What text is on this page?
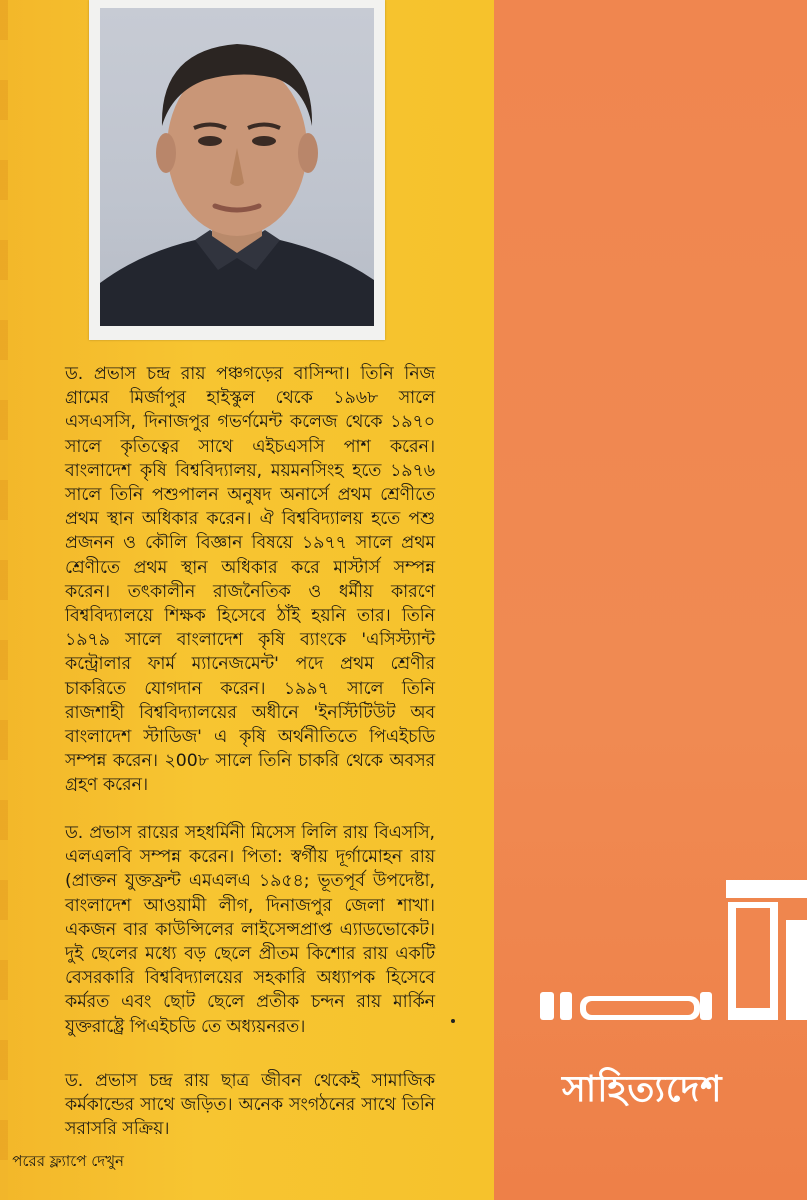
ড. প্রভাস চন্দ্র রায় পঞ্চগড়ের বাসিন্দা। তিনি নিজ গ্রামের মির্জাপুর হাইস্কুল থেকে ১৯৬৮ সালে এসএসসি, দিনাজপুর গভর্ণমেন্ট কলেজ থেকে ১৯৭০ সালে কৃতিত্বের সাথে এইচএসসি পাশ করেন। বাংলাদেশ কৃষি বিশ্ববিদ্যালয়, ময়মনসিংহ হতে ১৯৭৬ সালে তিনি পশুপালন অনুষদ অনার্সে প্রথম শ্রেণীতে প্রথম স্থান অধিকার করেন। ঐ বিশ্ববিদ্যালয় হতে পশু প্রজনন ও কৌলি বিজ্ঞান বিষয়ে ১৯৭৭ সালে প্রথম শ্রেণীতে প্রথম স্থান অধিকার করে মাস্টার্স সম্পন্ন করেন। তৎকালীন রাজনৈতিক ও ধর্মীয় কারণে বিশ্ববিদ্যালয়ে শিক্ষক হিসেবে ঠাঁই হয়নি তার। তিনি ১৯৭৯ সালে বাংলাদেশ কৃষি ব্যাংকে 'এসিস্ট্যান্ট কন্ট্রোলার ফার্ম ম্যানেজমেন্ট' পদে প্রথম শ্রেণীর চাকরিতে যোগদান করেন। ১৯৯৭ সালে তিনি রাজশাহী বিশ্ববিদ্যালয়ের অধীনে 'ইনস্টিটিউট অব বাংলাদেশ স্টাডিজ' এ কৃষি অর্থনীতিতে পিএইচডি সম্পন্ন করেন। ২00৮ সালে তিনি চাকরি থেকে অবসর গ্রহণ করেন।

ড. প্রভাস রায়ের সহধর্মিনী মিসেস লিলি রায় বিএসসি, এলএলবি সম্পন্ন করেন। পিতা: স্বর্গীয় দূর্গামোহন রায় (প্রাক্তন যুক্তফ্রন্ট এমএলএ ১৯৫৪; ভূতপূর্ব উপদেষ্টা, বাংলাদেশ আওয়ামী লীগ, দিনাজপুর জেলা শাখা। একজন বার কাউন্সিলের লাইসেন্সপ্রাপ্ত এ্যাডভোকেট। দুই ছেলের মধ্যে বড় ছেলে প্রীতম কিশোর রায় একটি বেসরকারি বিশ্ববিদ্যালয়ের সহকারি অধ্যাপক হিসেবে কর্মরত এবং ছোট ছেলে প্রতীক চন্দন রায় মার্কিন যুক্তরাষ্ট্রে পিএইচডি তে অধ্যয়নরত।

ড. প্রভাস চন্দ্র রায় ছাত্র জীবন থেকেই সামাজিক কর্মকান্ডের সাথে জড়িত। অনেক সংগঠনের সাথে তিনি সরাসরি সক্রিয়।

পরের ফ্ল্যাপে দেখুন
সাহিত্যদেশ
